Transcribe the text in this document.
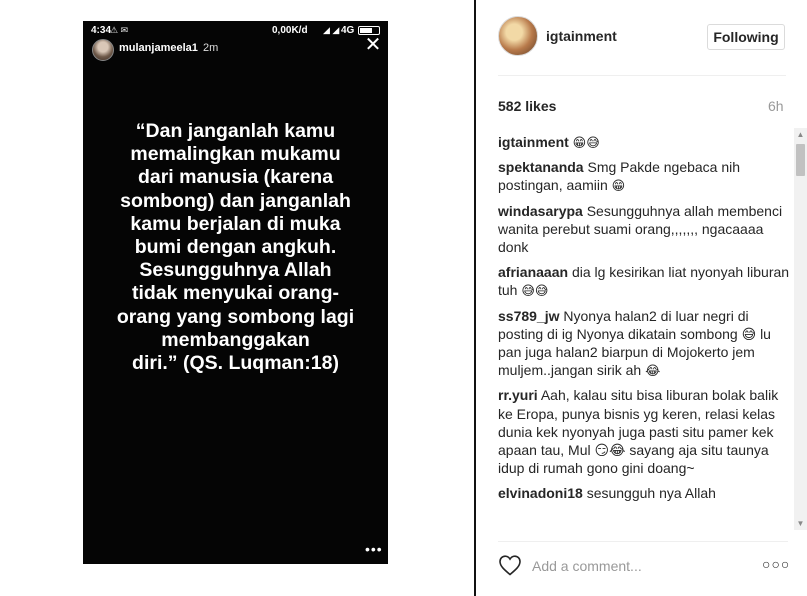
4:34
⚠ ✉	0,00K/d ◢ ◢ 4G
mulanjameela1 2m	✕

“Dan janganlah kamu
memalingkan mukamu
dari manusia (karena
sombong) dan janganlah
kamu berjalan di muka
bumi dengan angkuh.
Sesungguhnya Allah
tidak menyukai orang-
orang yang sombong lagi
membanggakan
diri.” (QS. Luqman:18)

•••
igtainment	Following
582 likes	6h

igtainment 😁😅

spektananda Smg Pakde ngebaca nih postingan, aamiin 😁

windasarypa Sesungguhnya allah membenci wanita perebut suami orang,,,,,,, ngacaaaa donk

afrianaaan dia lg kesirikan liat nyonyah liburan tuh 😅😅

ss789_jw Nyonya halan2 di luar negri di posting di ig Nyonya dikatain sombong 😅 lu pan juga halan2 biarpun di Mojokerto jem muljem..jangan sirik ah 😂

rr.yuri Aah, kalau situ bisa liburan bolak balik ke Eropa, punya bisnis yg keren, relasi kelas dunia kek nyonyah juga pasti situ pamer kek apaan tau, Mul 😏😂 sayang aja situ taunya idup di rumah gono gini doang~

elvinadoni18 sesungguh nya Allah

▲
▼
Add a comment...
○○○
